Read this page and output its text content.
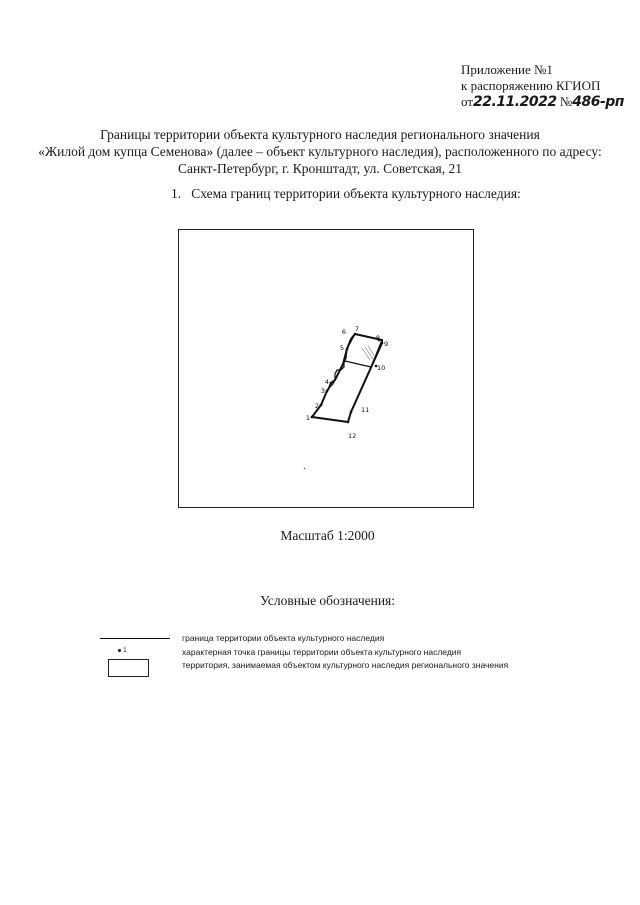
Приложение №1
к распоряжению КГИОП
от22.11.2022 №486-рп
Границы территории объекта культурного наследия регионального значения
«Жилой дом купца Семенова» (далее – объект культурного наследия), расположенного по адресу:
Санкт-Петербург, г. Кронштадт, ул. Советская, 21
1. Схема границ территории объекта культурного наследия:
1
2
3
4
5
6 7
8
9
10
11
12
Масштаб 1:2000
Условные обозначения:
1
граница территории объекта культурного наследия
характерная точка границы территории объекта культурного наследия
территория, занимаемая объектом культурного наследия регионального значения
